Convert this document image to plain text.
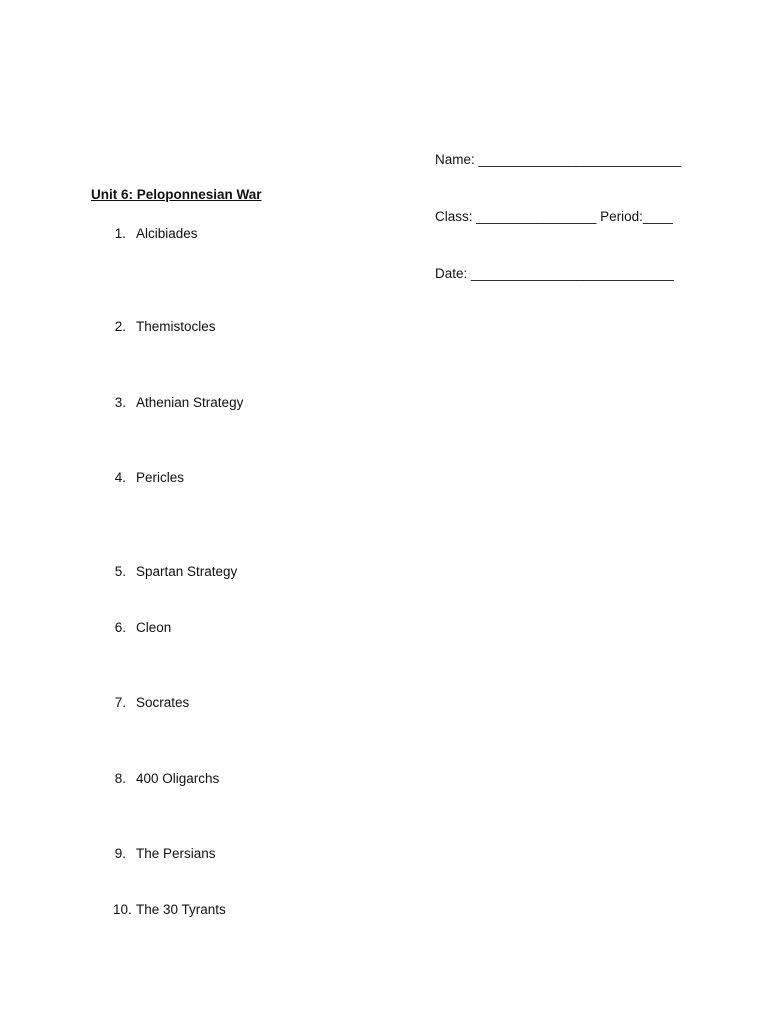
Name: ___________________________

Class: ________________ Period:____

Date: ___________________________

Unit 6: Peloponnesian War
1. Alcibiades
2. Themistocles
3. Athenian Strategy
4. Pericles
5. Spartan Strategy
6. Cleon
7. Socrates
8. 400 Oligarchs
9. The Persians
10. The 30 Tyrants
